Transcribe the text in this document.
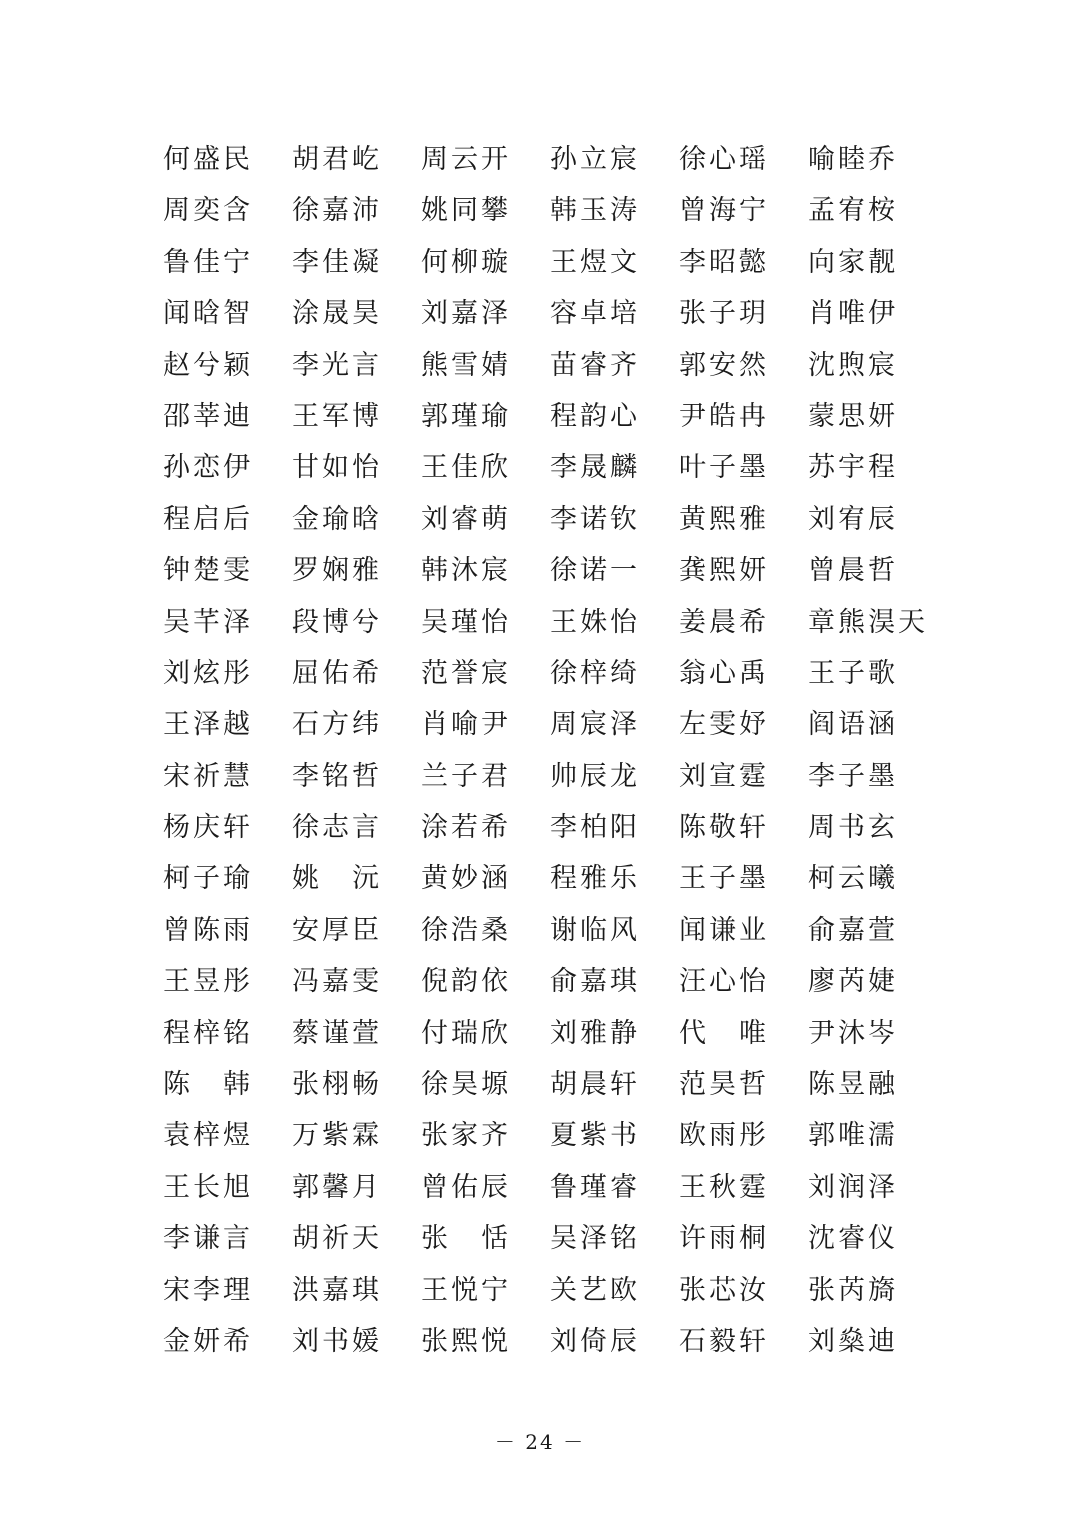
何盛民	胡君屹	周云开	孙立宸	徐心瑶	喻睦乔
周奕含	徐嘉沛	姚同攀	韩玉涛	曾海宁	孟宥桉
鲁佳宁	李佳凝	何柳璇	王煜文	李昭懿	向家靓
闻晗智	涂晟昊	刘嘉泽	容卓培	张子玥	肖唯伊
赵兮颖	李光言	熊雪婧	苗睿齐	郭安然	沈煦宸
邵莘迪	王军博	郭瑾瑜	程韵心	尹皓冉	蒙思妍
孙恋伊	甘如怡	王佳欣	李晟麟	叶子墨	苏宇程
程启后	金瑜晗	刘睿萌	李诺钦	黄熙雅	刘宥辰
钟楚雯	罗娴雅	韩沐宸	徐诺一	龚熙妍	曾晨哲
吴芊泽	段博兮	吴瑾怡	王姝怡	姜晨希	章熊淏天
刘炫彤	屈佑希	范誉宸	徐梓绮	翁心禹	王子歌
王泽越	石方纬	肖喻尹	周宸泽	左雯妤	阎语涵
宋祈慧	李铭哲	兰子君	帅辰龙	刘宣霆	李子墨
杨庆轩	徐志言	涂若希	李柏阳	陈敬轩	周书玄
柯子瑜	姚　沅	黄妙涵	程雅乐	王子墨	柯云曦
曾陈雨	安厚臣	徐浩桑	谢临风	闻谦业	俞嘉萱
王昱彤	冯嘉雯	倪韵依	俞嘉琪	汪心怡	廖芮婕
程梓铭	蔡谨萱	付瑞欣	刘雅静	代　唯	尹沐岑
陈　韩	张栩畅	徐昊塬	胡晨轩	范昊哲	陈昱融
袁梓煜	万紫霖	张家齐	夏紫书	欧雨彤	郭唯濡
王长旭	郭馨月	曾佑辰	鲁瑾睿	王秋霆	刘润泽
李谦言	胡祈天	张　恬	吴泽铭	许雨桐	沈睿仪
宋李理	洪嘉琪	王悦宁	关艺欧	张芯汝	张芮旖
金妍希	刘书媛	张熙悦	刘倚辰	石毅轩	刘燊迪
－ 24 －
